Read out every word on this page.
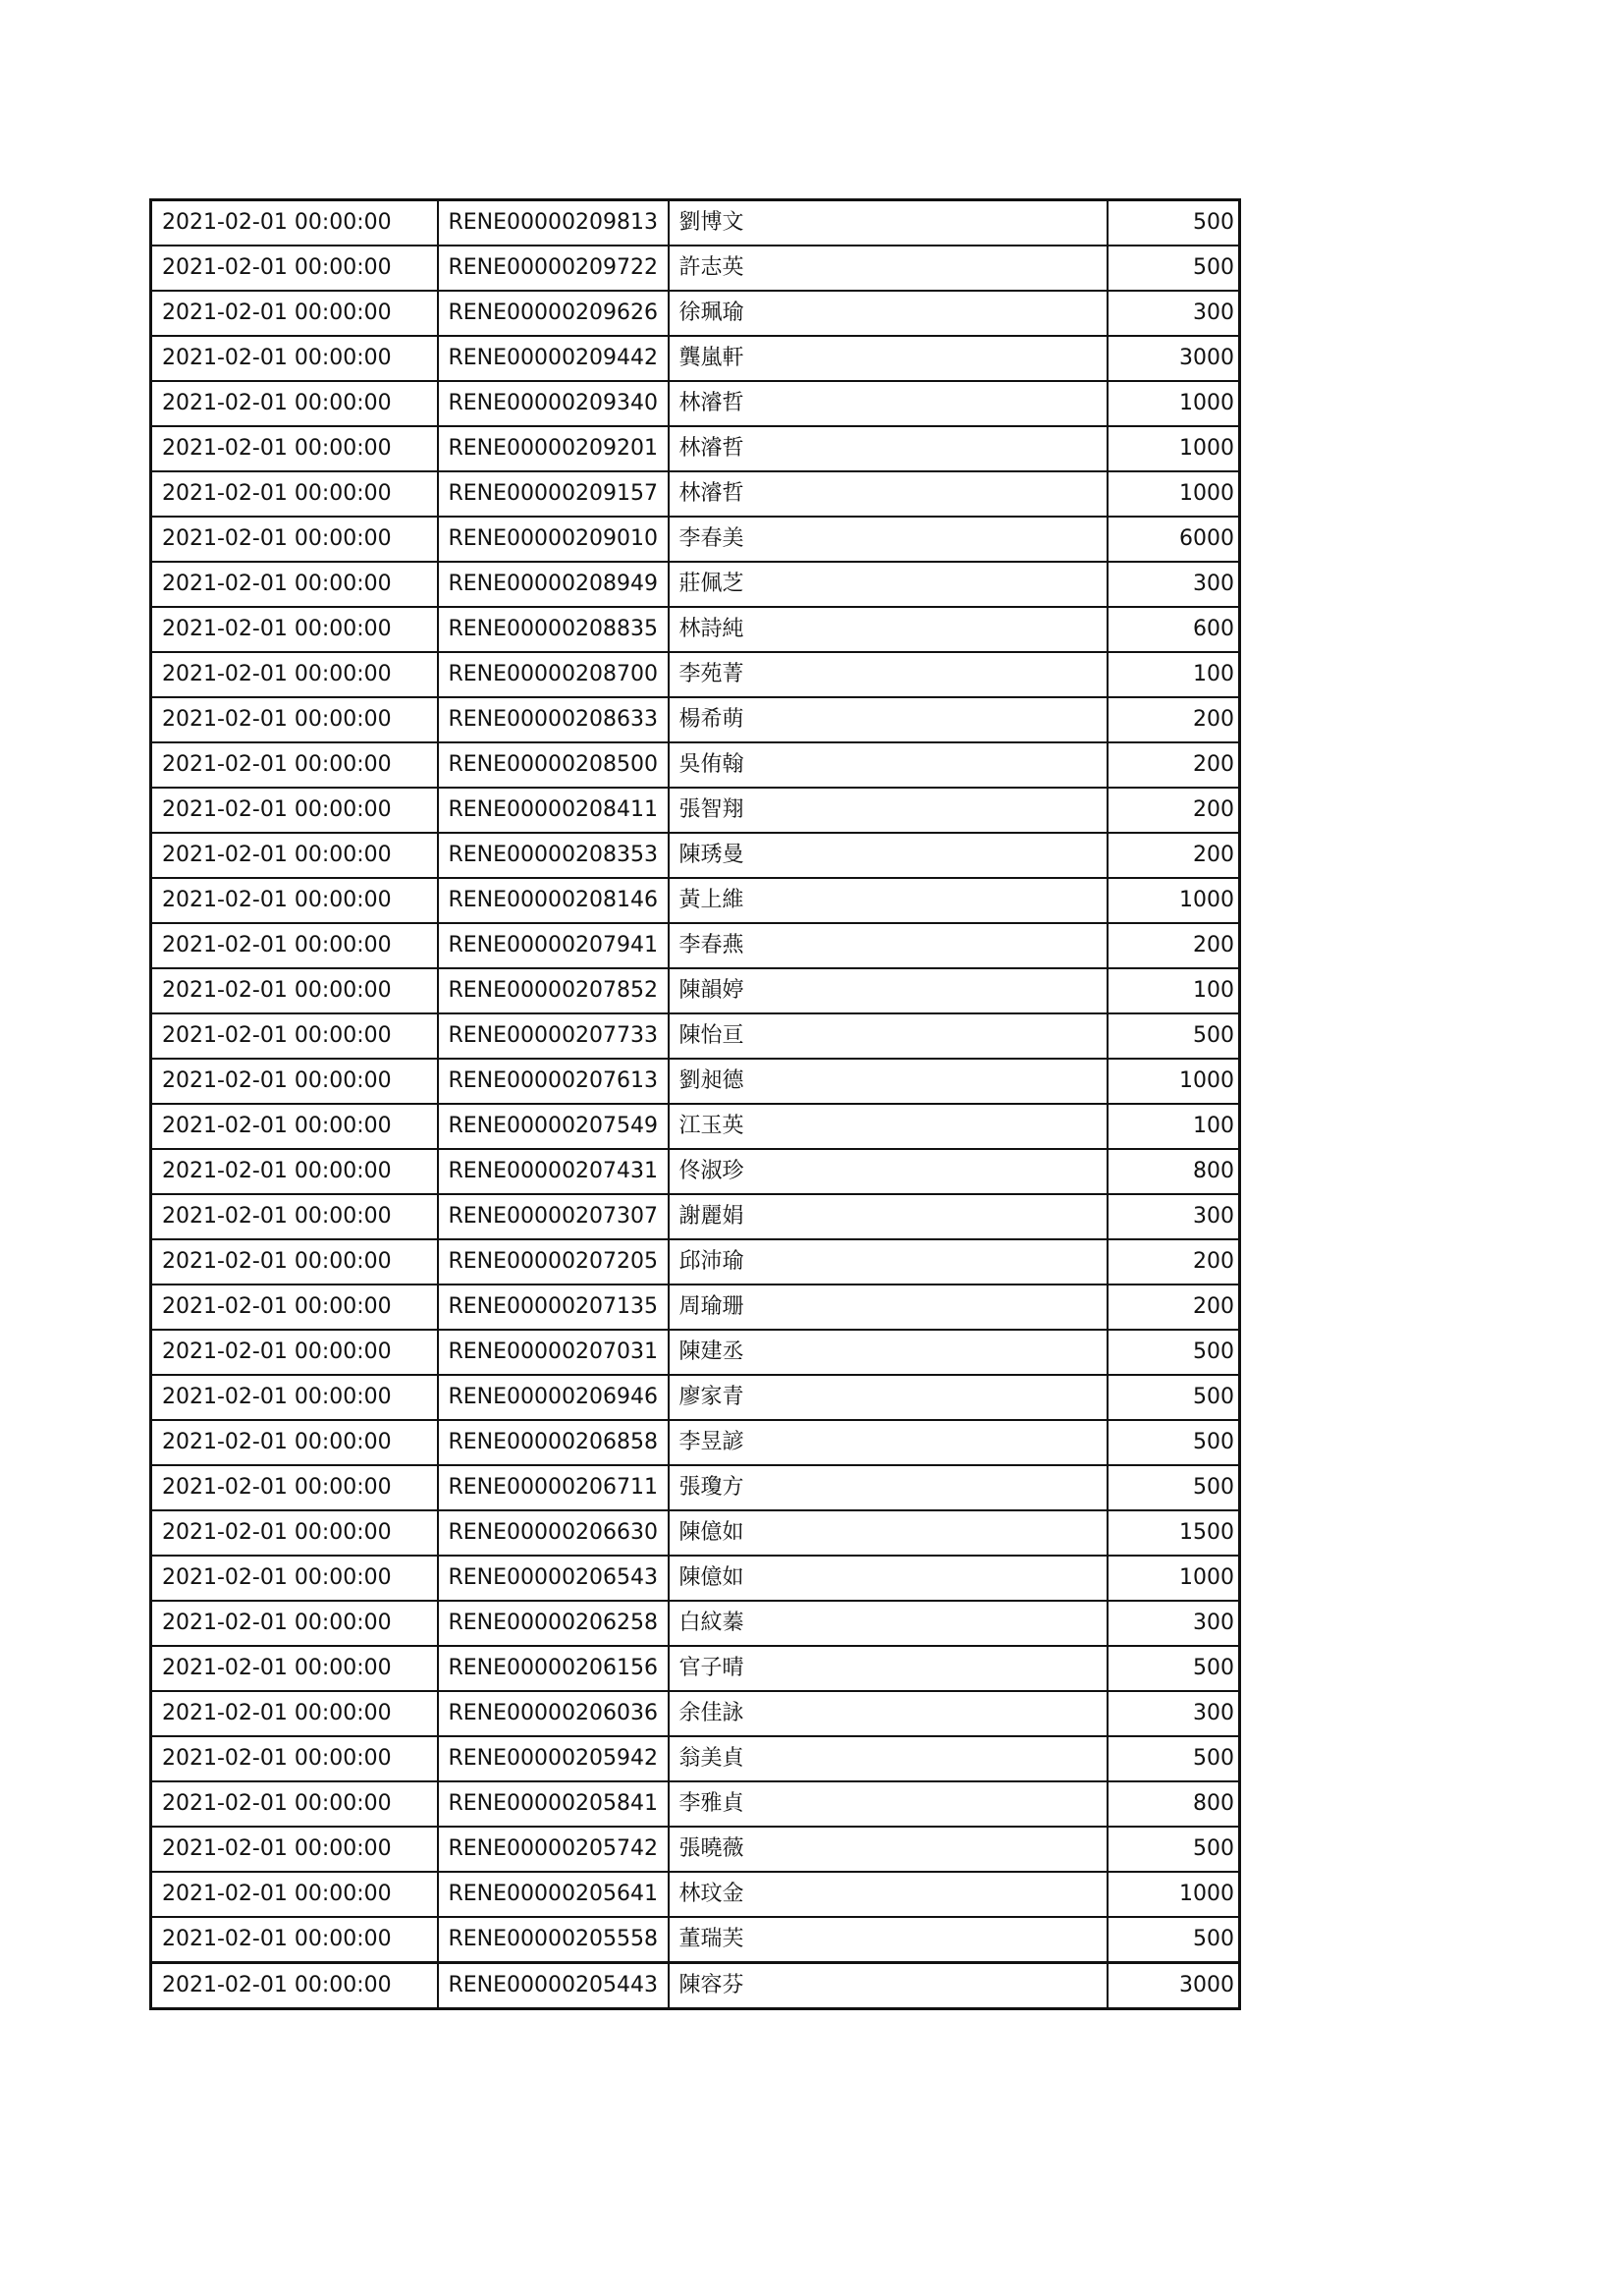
2021-02-01 00:00:00	RENE00000209813	劉博文	500
2021-02-01 00:00:00	RENE00000209722	許志英	500
2021-02-01 00:00:00	RENE00000209626	徐珮瑜	300
2021-02-01 00:00:00	RENE00000209442	龔嵐軒	3000
2021-02-01 00:00:00	RENE00000209340	林濬哲	1000
2021-02-01 00:00:00	RENE00000209201	林濬哲	1000
2021-02-01 00:00:00	RENE00000209157	林濬哲	1000
2021-02-01 00:00:00	RENE00000209010	李春美	6000
2021-02-01 00:00:00	RENE00000208949	莊佩芝	300
2021-02-01 00:00:00	RENE00000208835	林詩純	600
2021-02-01 00:00:00	RENE00000208700	李苑菁	100
2021-02-01 00:00:00	RENE00000208633	楊希萌	200
2021-02-01 00:00:00	RENE00000208500	吳侑翰	200
2021-02-01 00:00:00	RENE00000208411	張智翔	200
2021-02-01 00:00:00	RENE00000208353	陳琇曼	200
2021-02-01 00:00:00	RENE00000208146	黃上維	1000
2021-02-01 00:00:00	RENE00000207941	李春燕	200
2021-02-01 00:00:00	RENE00000207852	陳韻婷	100
2021-02-01 00:00:00	RENE00000207733	陳怡亘	500
2021-02-01 00:00:00	RENE00000207613	劉昶德	1000
2021-02-01 00:00:00	RENE00000207549	江玉英	100
2021-02-01 00:00:00	RENE00000207431	佟淑珍	800
2021-02-01 00:00:00	RENE00000207307	謝麗娟	300
2021-02-01 00:00:00	RENE00000207205	邱沛瑜	200
2021-02-01 00:00:00	RENE00000207135	周瑜珊	200
2021-02-01 00:00:00	RENE00000207031	陳建丞	500
2021-02-01 00:00:00	RENE00000206946	廖家青	500
2021-02-01 00:00:00	RENE00000206858	李昱諺	500
2021-02-01 00:00:00	RENE00000206711	張瓊方	500
2021-02-01 00:00:00	RENE00000206630	陳億如	1500
2021-02-01 00:00:00	RENE00000206543	陳億如	1000
2021-02-01 00:00:00	RENE00000206258	白紋蓁	300
2021-02-01 00:00:00	RENE00000206156	官子晴	500
2021-02-01 00:00:00	RENE00000206036	余佳詠	300
2021-02-01 00:00:00	RENE00000205942	翁美貞	500
2021-02-01 00:00:00	RENE00000205841	李雅貞	800
2021-02-01 00:00:00	RENE00000205742	張曉薇	500
2021-02-01 00:00:00	RENE00000205641	林玟金	1000
2021-02-01 00:00:00	RENE00000205558	董瑞芙	500
2021-02-01 00:00:00	RENE00000205443	陳容芬	3000
